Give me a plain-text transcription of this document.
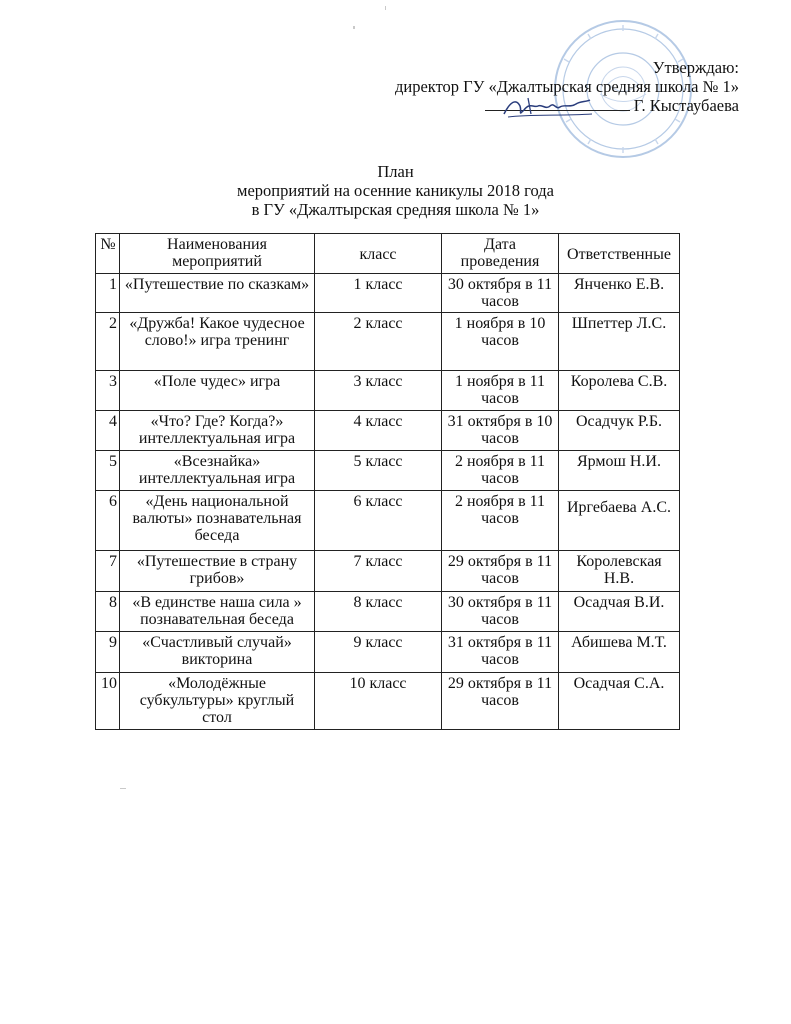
Утверждаю:
директор ГУ «Джалтырская средняя школа № 1»
Г. Кыстаубаева
План
мероприятий на осенние каникулы 2018 года
в ГУ «Джалтырская средняя школа № 1»
№	Наименования мероприятий	класс	Дата проведения	Ответственные
1	«Путешествие по сказкам»	1 класс	30 октября в 11 часов	Янченко Е.В.
2	«Дружба! Какое чудесное слово!» игра тренинг	2 класс	1 ноября в 10 часов	Шпеттер Л.С.
3	«Поле чудес» игра	3 класс	1 ноября в 11 часов	Королева С.В.
4	«Что? Где? Когда?» интеллектуальная игра	4 класс	31 октября в 10 часов	Осадчук Р.Б.
5	«Всезнайка» интеллектуальная игра	5 класс	2 ноября в 11 часов	Ярмош Н.И.
6	«День национальной валюты» познавательная беседа	6 класс	2 ноября в 11 часов	Иргебаева А.С.
7	«Путешествие в страну грибов»	7 класс	29 октября в 11 часов	Королевская Н.В.
8	«В единстве наша сила » познавательная беседа	8 класс	30 октября в 11 часов	Осадчая В.И.
9	«Счастливый случай» викторина	9 класс	31 октября в 11 часов	Абишева М.Т.
10	«Молодёжные субкультуры» круглый стол	10 класс	29 октября в 11 часов	Осадчая С.А.
